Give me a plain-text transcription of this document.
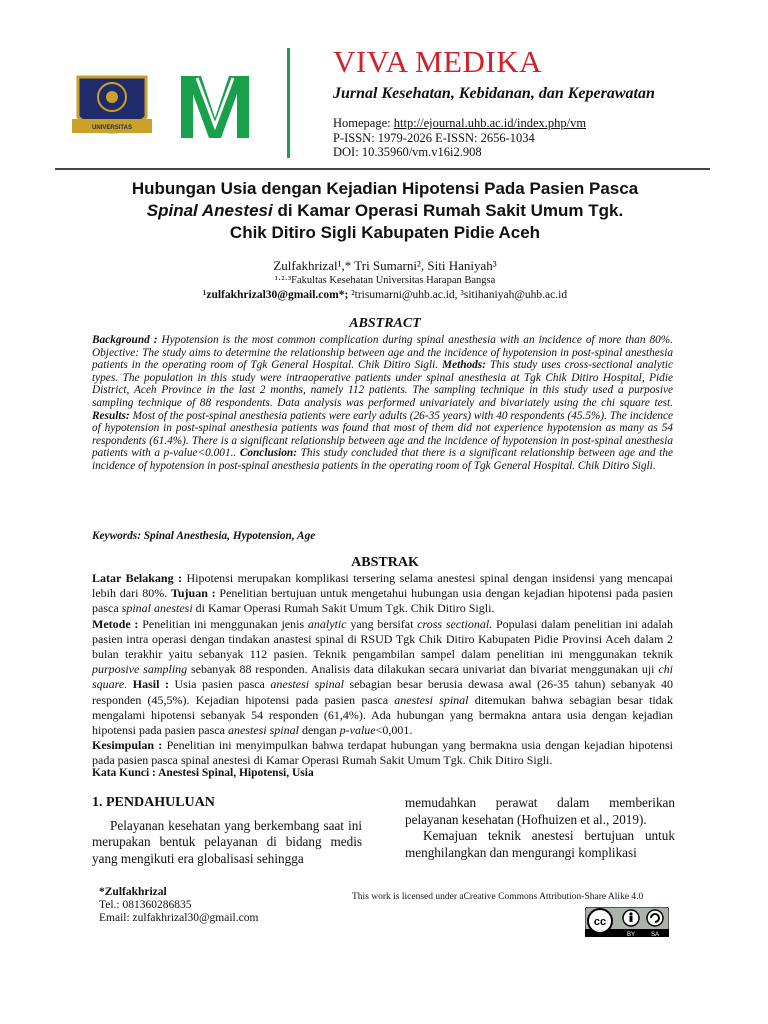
UNIVERSITAS
VIVA MEDIKA
Jurnal Kesehatan, Kebidanan, dan Keperawatan
Homepage: http://ejournal.uhb.ac.id/index.php/vm
P-ISSN: 1979-2026 E-ISSN: 2656-1034
DOI: 10.35960/vm.v16i2.908
Hubungan Usia dengan Kejadian Hipotensi Pada Pasien Pasca
Spinal Anestesi di Kamar Operasi Rumah Sakit Umum Tgk.
Chik Ditiro Sigli Kabupaten Pidie Aceh
Zulfakhrizal¹,* Tri Sumarni², Siti Haniyah³
¹·²·³Fakultas Kesehatan Universitas Harapan Bangsa
¹zulfakhrizal30@gmail.com*; ²trisumarni@uhb.ac.id, ³sitihaniyah@uhb.ac.id
ABSTRACT
Background : Hypotension is the most common complication during spinal anesthesia with an incidence of more than 80%. Objective: The study aims to determine the relationship between age and the incidence of hypotension in post-spinal anesthesia patients in the operating room of Tgk General Hospital. Chik Ditiro Sigli. Methods: This study uses cross-sectional analytic types. The population in this study were intraoperative patients under spinal anesthesia at Tgk Chik Ditiro Hospital, Pidie District, Aceh Province in the last 2 months, namely 112 patients. The sampling technique in this study used a purposive sampling technique of 88 respondents. Data analysis was performed univariately and bivariately using the chi square test. Results: Most of the post-spinal anesthesia patients were early adults (26-35 years) with 40 respondents (45.5%). The incidence of hypotension in post-spinal anesthesia patients was found that most of them did not experience hypotension as many as 54 respondents (61.4%). There is a significant relationship between age and the incidence of hypotension in post-spinal anesthesia patients with a p-value<0.001.. Conclusion: This study concluded that there is a significant relationship between age and the incidence of hypotension in post-spinal anesthesia patients in the operating room of Tgk General Hospital. Chik Ditiro Sigli.
Keywords: Spinal Anesthesia, Hypotension, Age
ABSTRAK
Latar Belakang : Hipotensi merupakan komplikasi tersering selama anestesi spinal dengan insidensi yang mencapai lebih dari 80%. Tujuan : Penelitian bertujuan untuk mengetahui hubungan usia dengan kejadian hipotensi pada pasien pasca spinal anestesi di Kamar Operasi Rumah Sakit Umum Tgk. Chik Ditiro Sigli.
Metode : Penelitian ini menggunakan jenis analytic yang bersifat cross sectional. Populasi dalam penelitian ini adalah pasien intra operasi dengan tindakan anastesi spinal di RSUD Tgk Chik Ditiro Kabupaten Pidie Provinsi Aceh dalam 2 bulan terakhir yaitu sebanyak 112 pasien. Teknik pengambilan sampel dalam penelitian ini menggunakan teknik purposive sampling sebanyak 88 responden. Analisis data dilakukan secara univariat dan bivariat menggunakan uji chi square. Hasil : Usia pasien pasca anestesi spinal sebagian besar berusia dewasa awal (26-35 tahun) sebanyak 40 responden (45,5%). Kejadian hipotensi pada pasien pasca anestesi spinal ditemukan bahwa sebagian besar tidak mengalami hipotensi sebanyak 54 responden (61,4%). Ada hubungan yang bermakna antara usia dengan kejadian hipotensi pada pasien pasca anestesi spinal dengan p-value<0,001.
Kesimpulan : Penelitian ini menyimpulkan bahwa terdapat hubungan yang bermakna usia dengan kejadian hipotensi pada pasien pasca spinal anestesi di Kamar Operasi Rumah Sakit Umum Tgk. Chik Ditiro Sigli.
Kata Kunci : Anestesi Spinal, Hipotensi, Usia
1. PENDAHULUAN

Pelayanan kesehatan yang berkembang saat ini merupakan bentuk pelayanan di bidang medis yang mengikuti era globalisasi sehingga

memudahkan perawat dalam memberikan pelayanan kesehatan (Hofhuizen et al., 2019).

Kemajuan teknik anestesi bertujuan untuk menghilangkan dan mengurangi komplikasi

*Zulfakhrizal
Tel.: 081360286835
Email: zulfakhrizal30@gmail.com
This work is licensed under aCreative Commons Attribution-Share Alike 4.0
cc
BY	SA
